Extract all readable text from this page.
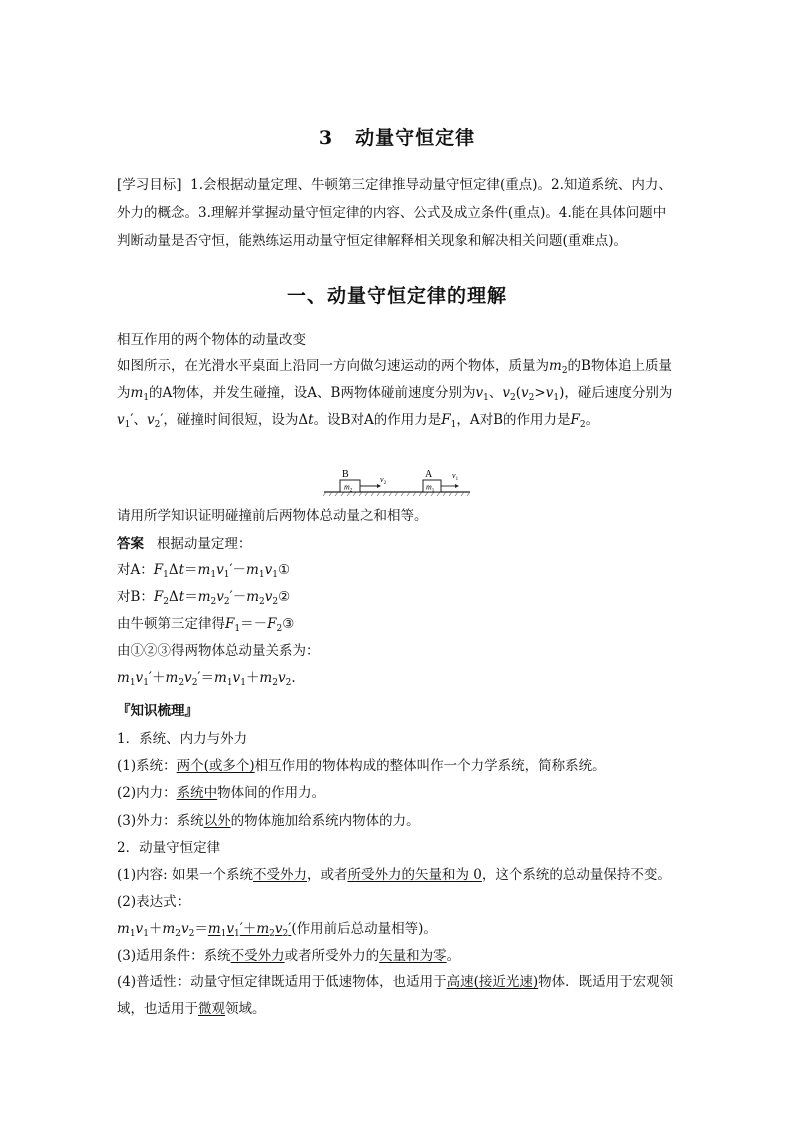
3 动量守恒定律
[学习目标] 1.会根据动量定理、牛顿第三定律推导动量守恒定律(重点)。2.知道系统、内力、外力的概念。3.理解并掌握动量守恒定律的内容、公式及成立条件(重点)。4.能在具体问题中判断动量是否守恒，能熟练运用动量守恒定律解释相关现象和解决相关问题(重难点)。
一、动量守恒定律的理解
相互作用的两个物体的动量改变
如图所示，在光滑水平桌面上沿同一方向做匀速运动的两个物体，质量为$m_2$的B物体追上质量为$m_1$的A物体，并发生碰撞，设A、B两物体碰前速度分别为$v_1$、$v_2(v_2>v_1)$，碰后速度分别为$v_1'$、$v_2'$，碰撞时间很短，设为Δt。设B对A的作用力是$F_1$，A对B的作用力是$F_2$。
B	A
$m_2$	$m_1$
$v_2$
$v_1$
请用所学知识证明碰撞前后两物体总动量之和相等。
答案 根据动量定理：
对A：$F_1\Delta t=m_1v_1'-m_1v_1①$
对B：$F_2\Delta t=m_2v_2'-m_2v_2②$
由牛顿第三定律得$F_1=-F_2③$
由①②③得两物体总动量关系为：
$m_1v_1'+m_2v_2'=m_1v_1+m_2v_2$.
『知识梳理』
1．系统、内力与外力
(1)系统：两个(或多个)相互作用的物体构成的整体叫作一个力学系统，简称系统。
(2)内力：系统中物体间的作用力。
(3)外力：系统以外的物体施加给系统内物体的力。
2．动量守恒定律
(1)内容: 如果一个系统不受外力，或者所受外力的矢量和为 0，这个系统的总动量保持不变。
(2)表达式：
$m_1v_1+m_2v_2=m_1v_1'+m_2v_2'$(作用前后总动量相等)。
(3)适用条件：系统不受外力或者所受外力的矢量和为零。
(4)普适性：动量守恒定律既适用于低速物体，也适用于高速(接近光速)物体．既适用于宏观领域，也适用于微观领域。
